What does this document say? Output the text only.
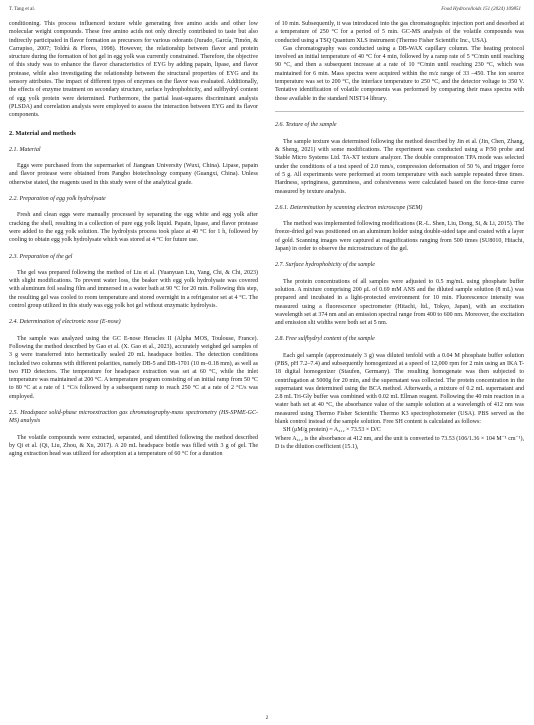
T. Tang et al.	Food Hydrocolloids 151 (2024) 109851

conditioning. This process influenced texture while generating free amino acids and other low molecular weight compounds. These free amino acids not only directly contributed to taste but also indirectly participated in flavor formation as precursors for various odorants (Jurado, García, Timón, & Carrapiso, 2007; Toldrá & Flores, 1998). However, the relationship between flavor and protein structure during the formation of hot gel in egg yolk was currently constrained. Therefore, the objective of this study was to enhance the flavor characteristics of EYG by adding papain, lipase, and flavor protease, while also investigating the relationship between the structural properties of EYG and its sensory attributes. The impact of different types of enzymes on the flavor was evaluated. Additionally, the effects of enzyme treatment on secondary structure, surface hydrophobicity, and sulfhydryl content of egg yolk protein were determined. Furthermore, the partial least-squares discriminant analysis (PLSDA) and correlation analysis were employed to assess the interaction between EYG and its flavor components.

2. Material and methods
2.1. Material

Eggs were purchased from the supermarket of Jiangnan University (Wuxi, China). Lipase, papain and flavor protease were obtained from Pangbo biotechnology company (Guangxi, China). Unless otherwise stated, the reagents used in this study were of the analytical grade.

2.2. Preparation of egg yolk hydrolysate

Fresh and clean eggs were manually processed by separating the egg white and egg yolk after cracking the shell, resulting in a collection of pure egg yolk liquid. Papain, lipase, and flavor protease were added to the egg yolk solution. The hydrolysis process took place at 40 °C for 1 h, followed by cooling to obtain egg yolk hydrolysate which was stored at 4 °C for future use.

2.3. Preparation of the gel

The gel was prepared following the method of Liu et al. (Yuanyuan Liu, Yang, Chi, & Chi, 2023) with slight modifications. To prevent water loss, the beaker with egg yolk hydrolysate was covered with aluminum foil sealing film and immersed in a water bath at 90 °C for 20 min. Following this step, the resulting gel was cooled to room temperature and stored overnight in a refrigerator set at 4 °C. The control group utilized in this study was egg yolk hot gel without enzymatic hydrolysis.

2.4. Determination of electronic nose (E-nose)

The sample was analyzed using the GC E-nose Heracles II (Alpha MOS, Toulouse, France). Following the method described by Gao et al. (X. Gao et al., 2023), accurately weighed gel samples of 3 g were transferred into hermetically sealed 20 mL headspace bottles. The detection conditions included two columns with different polarities, namely DB-5 and DB-1701 (10 m–0.18 mm), as well as two FID detectors. The temperature for headspace extraction was set at 60 °C, while the inlet temperature was maintained at 200 °C. A temperature program consisting of an initial ramp from 50 °C to 80 °C at a rate of 1 °C/s followed by a subsequent ramp to reach 250 °C at a rate of 2 °C/s was employed.

2.5. Headspace solid-phase microextraction gas chromatography-mass spectrometry (HS-SPME-GC-MS) analysis

The volatile compounds were extracted, separated, and identified following the method described by Qi et al. (Qi, Liu, Zhou, & Xu, 2017). A 20 mL headspace bottle was filled with 3 g of gel. The aging extraction head was utilized for adsorption at a temperature of 60 °C for a duration

of 10 min. Subsequently, it was introduced into the gas chromatographic injection port and desorbed at a temperature of 250 °C for a period of 5 min. GC-MS analysis of the volatile compounds was conducted using a TSQ Quantum XLS instrument (Thermo Fisher Scientific Inc., USA).

Gas chromatography was conducted using a DB-WAX capillary column. The heating protocol involved an initial temperature of 40 °C for 4 min, followed by a ramp rate of 5 °C/min until reaching 90 °C, and then a subsequent increase at a rate of 10 °C/min until reaching 230 °C, which was maintained for 6 min. Mass spectra were acquired within the m/z range of 33 –450. The ion source temperature was set to 200 °C, the interface temperature to 250 °C, and the detector voltage to 350 V. Tentative identification of volatile components was performed by comparing their mass spectra with those available in the standard NIST14 library.

2.6. Texture of the sample

The sample texture was determined following the method described by Jin et al. (Jin, Chen, Zhang, & Sheng, 2021) with some modifications. The experiment was conducted using a P/50 probe and Stable Micro Systems Ltd. TA-XT texture analyzer. The double compression TPA mode was selected under the conditions of a test speed of 2.0 mm/s, compression deformation of 50 %, and trigger force of 5 g. All experiments were performed at room temperature with each sample repeated three times. Hardness, springiness, gumminess, and cohesiveness were calculated based on the force-time curve measured by texture analysis.

2.6.1. Determination by scanning electron microscope (SEM)

The method was implemented following modifications (R.-L. Shen, Liu, Dong, Si, & Li, 2015). The freeze-dried gel was positioned on an aluminum holder using double-sided tape and coated with a layer of gold. Scanning images were captured at magnifications ranging from 500 times (SU8010, Hitachi, Japan) in order to observe the microstructure of the gel.

2.7. Surface hydrophobicity of the sample

The protein concentrations of all samples were adjusted to 0.5 mg/mL using phosphate buffer solution. A mixture comprising 200 μL of 0.69 mM ANS and the diluted sample solution (8 mL) was prepared and incubated in a light-protected environment for 10 min. Fluorescence intensity was measured using a fluorescence spectrometer (Hitachi, ltd., Tokyo, Japan), with an excitation wavelength set at 374 nm and an emission spectral range from 400 to 600 nm. Moreover, the excitation and emission slit widths were both set at 5 nm.

2.8. Free sulfhydryl content of the sample

Each gel sample (approximately 3 g) was diluted tenfold with a 0.04 M phosphate buffer solution (PBS, pH 7.2–7.4) and subsequently homogenized at a speed of 12,000 rpm for 2 min using an IKA T-18 digital homogenizer (Staufen, Germany). The resulting homogenate was then subjected to centrifugation at 5000g for 20 min, and the supernatant was collected. The protein concentration in the supernatant was determined using the BCA method. Afterwards, a mixture of 0.2 mL supernatant and 2.8 mL Tri-Gly buffer was combined with 0.02 mL Ellman reagent. Following the 40 min reaction in a water bath set at 40 °C, the absorbance value of the sample solution at a wavelength of 412 nm was measured using Thermo Fisher Scientific Thermo K3 spectrophotometer (USA). PBS served as the blank control instead of the sample solution. Free SH content is calculated as follows:

SH (μM/g protein) = A₄₁₂ × 73.53 × D/C

Where A₄₁₂ is the absorbance at 412 nm, and the unit is converted to 73.53 (106/1.36 × 104 M⁻¹ cm⁻¹), D is the dilution coefficient (15.1),

2
